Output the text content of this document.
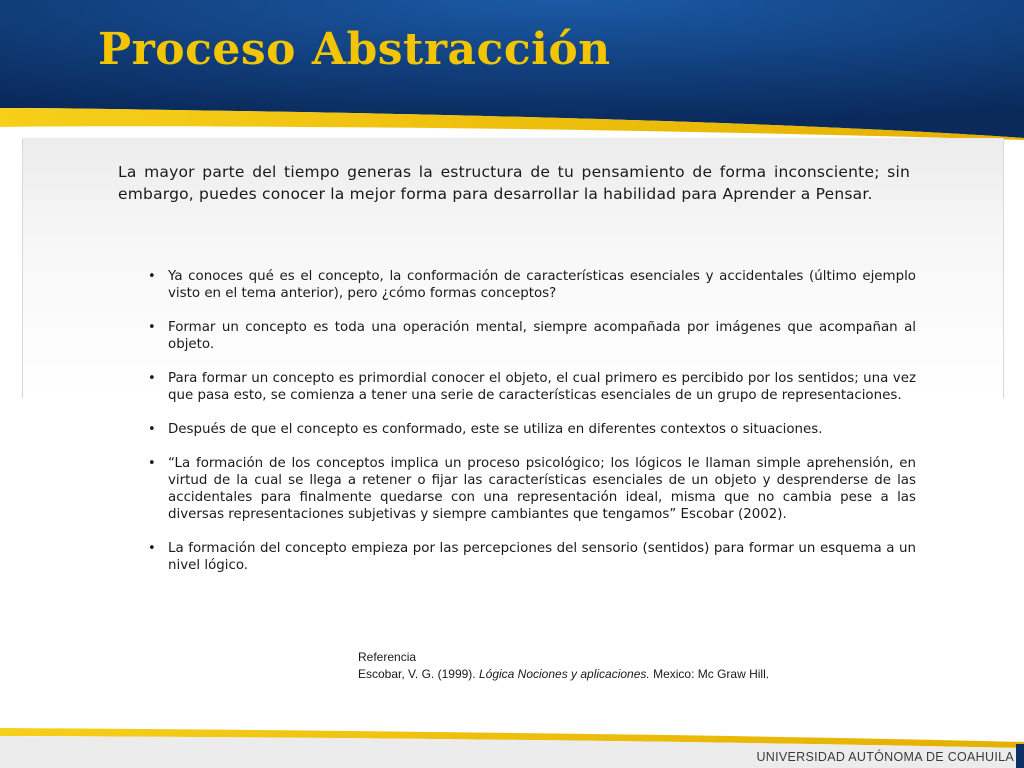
Proceso Abstracción

La mayor parte del tiempo generas la estructura de tu pensamiento de forma inconsciente; sin embargo, puedes conocer la mejor forma para desarrollar la habilidad para Aprender a Pensar.

• Ya conoces qué es el concepto, la conformación de características esenciales y accidentales (último ejemplo visto en el tema anterior), pero ¿cómo formas conceptos?
• Formar un concepto es toda una operación mental, siempre acompañada por imágenes que acompañan al objeto.
• Para formar un concepto es primordial conocer el objeto, el cual primero es percibido por los sentidos; una vez que pasa esto, se comienza a tener una serie de características esenciales de un grupo de representaciones.
• Después de que el concepto es conformado, este se utiliza en diferentes contextos o situaciones.
• “La formación de los conceptos implica un proceso psicológico; los lógicos le llaman simple aprehensión, en virtud de la cual se llega a retener o fijar las características esenciales de un objeto y desprenderse de las accidentales para finalmente quedarse con una representación ideal, misma que no cambia pese a las diversas representaciones subjetivas y siempre cambiantes que tengamos” Escobar (2002).
• La formación del concepto empieza por las percepciones del sensorio (sentidos) para formar un esquema a un nivel lógico.
Referencia
Escobar, V. G. (1999). Lógica Nociones y aplicaciones. Mexico: Mc Graw Hill.
UNIVERSIDAD AUTÓNOMA DE COAHUILA
